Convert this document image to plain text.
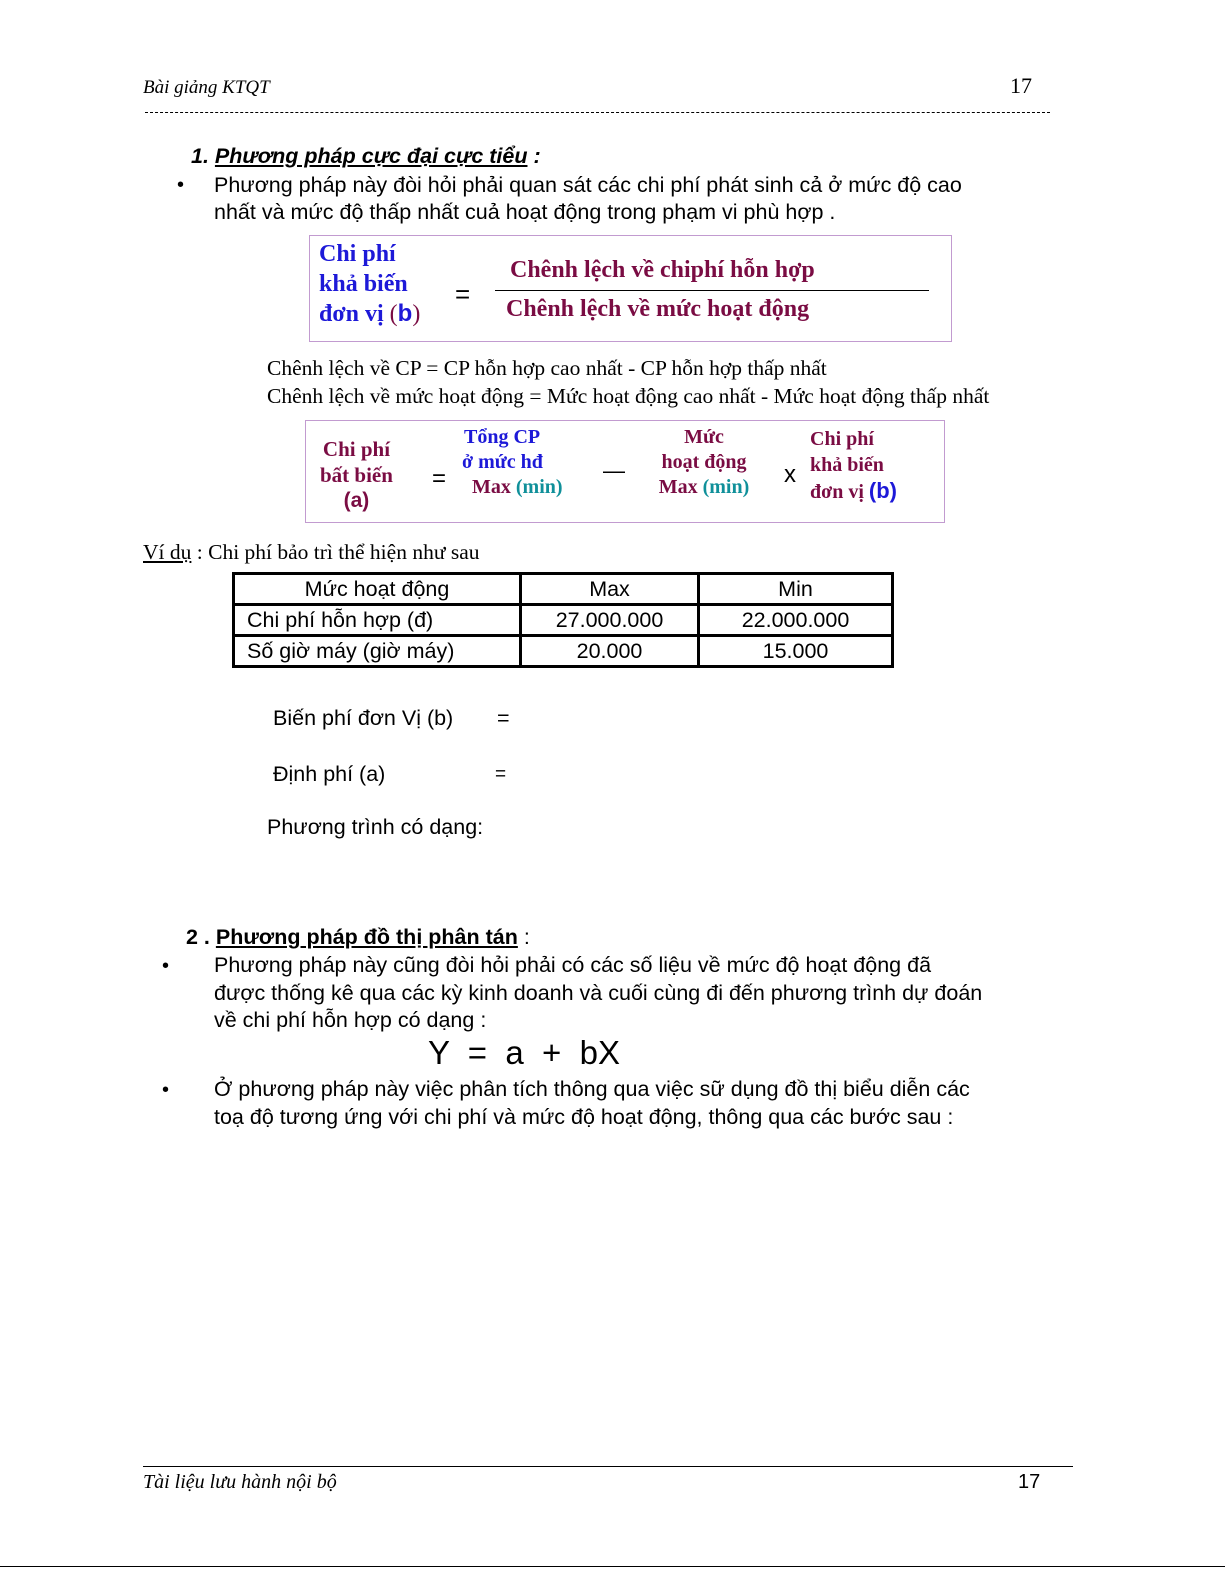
Bài giảng KTQT	17
1. Phương pháp cực đại cực tiểu :
• Phương pháp này đòi hỏi phải quan sát các chi phí phát sinh cả ở mức độ cao
nhất và mức độ thấp nhất cuả hoạt động trong phạm vi phù hợp .
Chi phí
khả biến
đơn vị (b)
=
Chênh lệch về chiphí hỗn hợp
Chênh lệch về mức hoạt động
Chênh lệch về CP = CP hỗn hợp cao nhất - CP hỗn hợp thấp nhất
Chênh lệch về mức hoạt động = Mức hoạt động cao nhất - Mức hoạt động thấp nhất
Chi phí
bất biến
(a)
=
Tổng CP
ở mức hđ
Max (min)
—
Mức
hoạt động
Max (min)	x
Chi phí
khả biến
đơn vị (b)
Ví dụ : Chi phí bảo trì thể hiện như sau
Mức hoạt động	Max	Min
Chi phí hỗn hợp (đ)	27.000.000	22.000.000
Số giờ máy (giờ máy)	20.000	15.000
Biến phí đơn Vị (b) =
Định phí (a)	=
Phương trình có dạng:
2 . Phương pháp đồ thị phân tán :
• Phương pháp này cũng đòi hỏi phải có các số liệu về mức độ hoạt động đã
được thống kê qua các kỳ kinh doanh và cuối cùng đi đến phương trình dự đoán
về chi phí hỗn hợp có dạng :
Y  =  a  +  bX
• Ở phương pháp này việc phân tích thông qua việc sữ dụng đồ thị biểu diễn các
toạ độ tương ứng với chi phí và mức độ hoạt động, thông qua các bước sau :
Tài liệu lưu hành nội bộ	17
